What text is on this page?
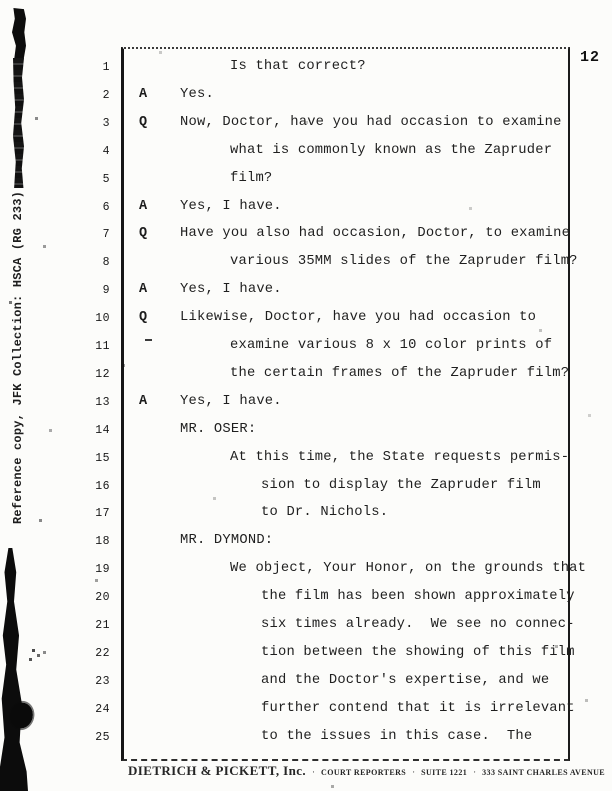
Reference copy, JFK Collection: HSCA (RG 233)
12
1	Is that correct?
2 A Yes.
3 Q Now, Doctor, have you had occasion to examine
4	what is commonly known as the Zapruder
5	film?
6 A Yes, I have.
7 Q Have you also had occasion, Doctor, to examine
8	various 35MM slides of the Zapruder film?
9 A Yes, I have.
10 Q Likewise, Doctor, have you had occasion to
11	examine various 8 x 10 color prints of
12	the certain frames of the Zapruder film?
13 A Yes, I have.
14	MR. OSER:
15	At this time, the State requests permis-
16	sion to display the Zapruder film
17	to Dr. Nichols.
18	MR. DYMOND:
19	We object, Your Honor, on the grounds that
20	the film has been shown approximately
21	six times already.  We see no connec-
22	tion between the showing of this film
23	and the Doctor's expertise, and we
24	further contend that it is irrelevant
25	to the issues in this case.  The
DIETRICH & PICKETT, Inc. · COURT REPORTERS · SUITE 1221 · 333 SAINT CHARLES AVENUE
